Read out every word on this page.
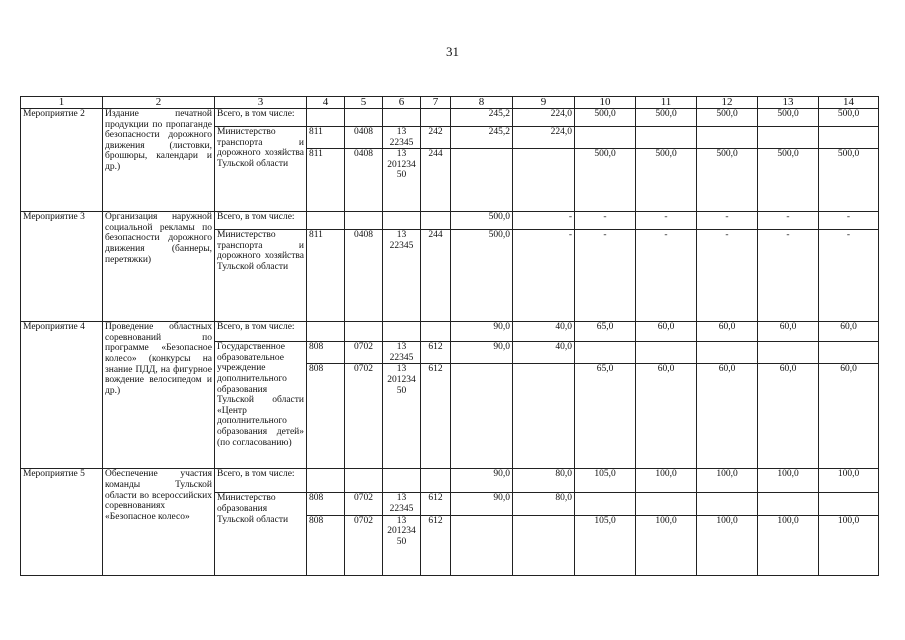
31
1	2	3	4	5	6	7	8	9	10	11	12	13	14
Мероприятие 2	Издание печатной продукции по пропаганде безопасности дорожного движения (листовки, брошюры, календари и др.)	Всего, в том числе:					245,2	224,0	500,0	500,0	500,0	500,0	500,0
		Министерство транспорта и дорожного хозяйства Тульской области	811	0408	13 22345	242	245,2	224,0					
			811	0408	13 201234 50	244			500,0	500,0	500,0	500,0	500,0
Мероприятие 3	Организация наружной социальной рекламы по безопасности дорожного движения (баннеры, перетяжки)	Всего, в том числе:					500,0	-	-	-	-	-	-
		Министерство транспорта и дорожного хозяйства Тульской области	811	0408	13 22345	244	500,0	-	-	-	-	-	-
Мероприятие 4	Проведение областных соревнований по программе «Безопасное колесо» (конкурсы на знание ПДД, на фигурное вождение велосипедом и др.)	Всего, в том числе:					90,0	40,0	65,0	60,0	60,0	60,0	60,0
		Государственное образовательное учреждение дополнительного образования Тульской области «Центр дополнительного образования детей» (по согласованию)	808	0702	13 22345	612	90,0	40,0					
			808	0702	13 201234 50	612			65,0	60,0	60,0	60,0	60,0
Мероприятие 5	Обеспечение участия команды Тульской области во всероссийских соревнованиях «Безопасное колесо»	Всего, в том числе:					90,0	80,0	105,0	100,0	100,0	100,0	100,0
		Министерство образования Тульской области	808	0702	13 22345	612	90,0	80,0					
			808	0702	13 201234 50	612			105,0	100,0	100,0	100,0	100,0
